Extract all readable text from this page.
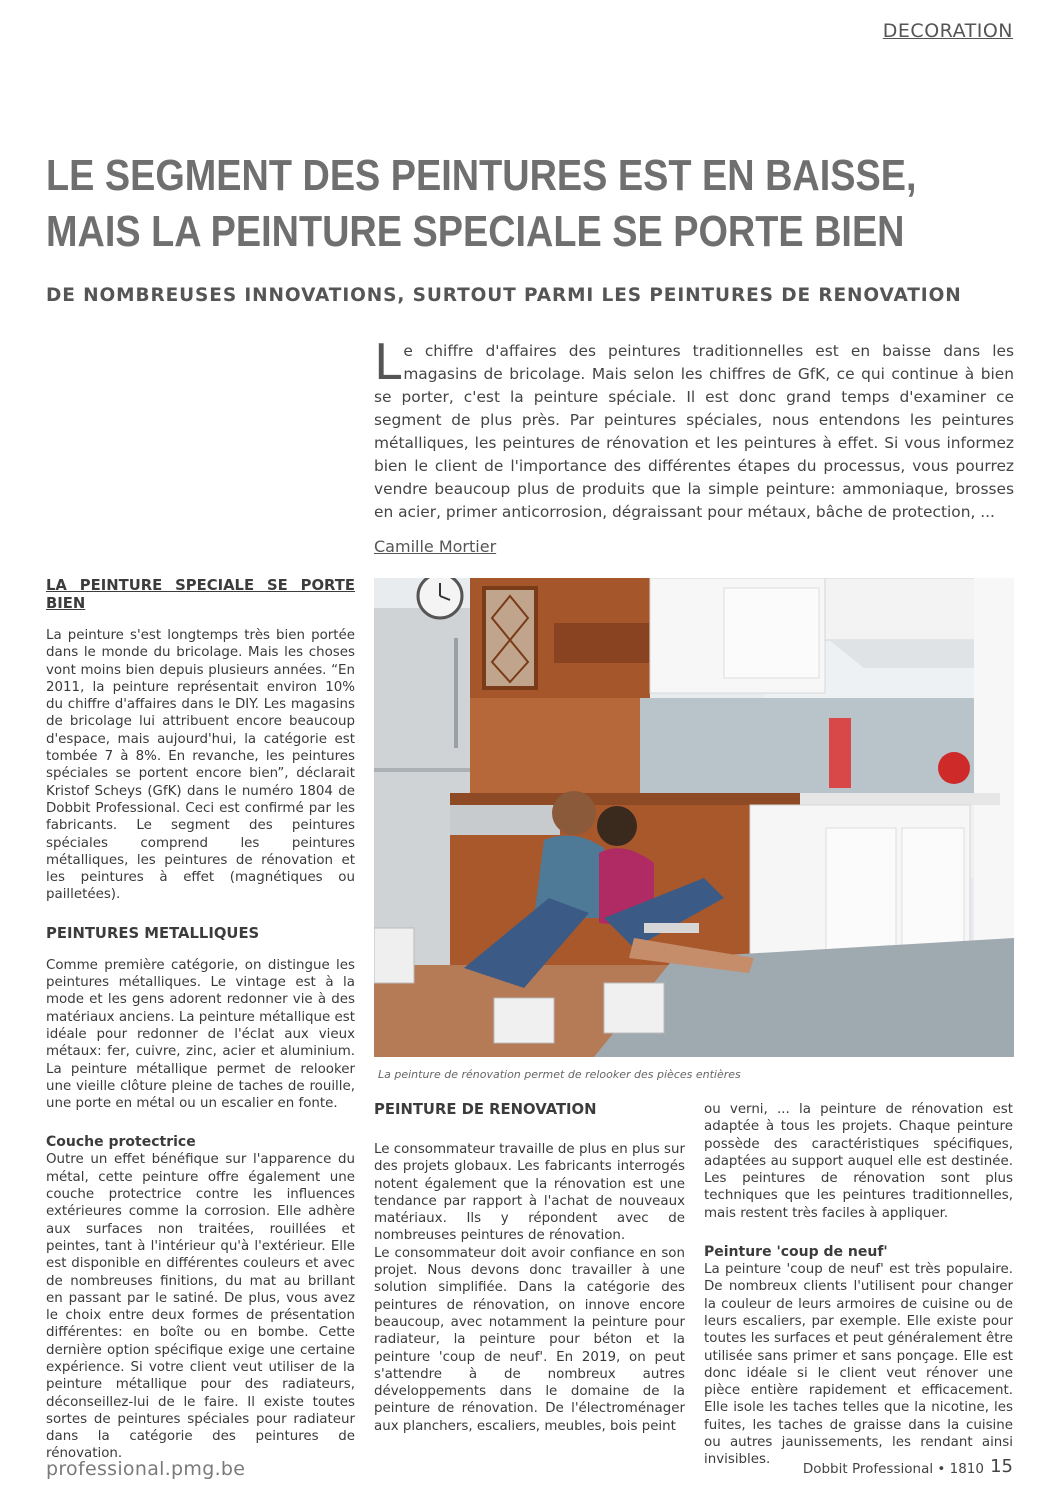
DECORATION
LE SEGMENT DES PEINTURES EST EN BAISSE,
MAIS LA PEINTURE SPECIALE SE PORTE BIEN
DE NOMBREUSES INNOVATIONS, SURTOUT PARMI LES PEINTURES DE RENOVATION
Le chiffre d'affaires des peintures traditionnelles est en baisse dans les magasins de bricolage. Mais selon les chiffres de GfK, ce qui continue à bien se porter, c'est la peinture spéciale. Il est donc grand temps d'examiner ce segment de plus près. Par peintures spéciales, nous entendons les peintures métalliques, les peintures de rénovation et les peintures à effet. Si vous informez bien le client de l'importance des différentes étapes du processus, vous pourrez vendre beaucoup plus de produits que la simple peinture: ammoniaque, brosses en acier, primer anticorrosion, dégraissant pour métaux, bâche de protection, ...
Camille Mortier
LA PEINTURE SPECIALE SE PORTE BIEN

La peinture s'est longtemps très bien portée dans le monde du bricolage. Mais les choses vont moins bien depuis plusieurs années. “En 2011, la peinture représentait environ 10% du chiffre d'affaires dans le DIY. Les magasins de bricolage lui attribuent encore beaucoup d'espace, mais aujourd'hui, la catégorie est tombée 7 à 8%. En revanche, les peintures spéciales se portent encore bien”, déclarait Kristof Scheys (GfK) dans le numéro 1804 de Dobbit Professional. Ceci est confirmé par les fabricants. Le segment des peintures spéciales comprend les peintures métalliques, les peintures de rénovation et les peintures à effet (magnétiques ou pailletées).

PEINTURES METALLIQUES

Comme première catégorie, on distingue les peintures métalliques. Le vintage est à la mode et les gens adorent redonner vie à des matériaux anciens. La peinture métallique est idéale pour redonner de l'éclat aux vieux métaux: fer, cuivre, zinc, acier et aluminium. La peinture métallique permet de relooker une vieille clôture pleine de taches de rouille, une porte en métal ou un escalier en fonte.

Couche protectrice

Outre un effet bénéfique sur l'apparence du métal, cette peinture offre également une couche protectrice contre les influences extérieures comme la corrosion. Elle adhère aux surfaces non traitées, rouillées et peintes, tant à l'intérieur qu'à l'extérieur. Elle est disponible en différentes couleurs et avec de nombreuses finitions, du mat au brillant en passant par le satiné. De plus, vous avez le choix entre deux formes de présentation différentes: en boîte ou en bombe. Cette dernière option spécifique exige une certaine expérience. Si votre client veut utiliser de la peinture métallique pour des radiateurs, déconseillez-lui de le faire. Il existe toutes sortes de peintures spéciales pour radiateur dans la catégorie des peintures de rénovation.

La peinture de rénovation permet de relooker des pièces entières
PEINTURE DE RENOVATION

Le consommateur travaille de plus en plus sur des projets globaux. Les fabricants interrogés notent également que la rénovation est une tendance par rapport à l'achat de nouveaux matériaux. Ils y répondent avec de nombreuses peintures de rénovation.

Le consommateur doit avoir confiance en son projet. Nous devons donc travailler à une solution simplifiée. Dans la catégorie des peintures de rénovation, on innove encore beaucoup, avec notamment la peinture pour radiateur, la peinture pour béton et la peinture 'coup de neuf'. En 2019, on peut s'attendre à de nombreux autres développements dans le domaine de la peinture de rénovation. De l'électroménager aux planchers, escaliers, meubles, bois peint

ou verni, ... la peinture de rénovation est adaptée à tous les projets. Chaque peinture possède des caractéristiques spécifiques, adaptées au support auquel elle est destinée. Les peintures de rénovation sont plus techniques que les peintures traditionnelles, mais restent très faciles à appliquer.

Peinture 'coup de neuf'

La peinture 'coup de neuf' est très populaire. De nombreux clients l'utilisent pour changer la couleur de leurs armoires de cuisine ou de leurs escaliers, par exemple. Elle existe pour toutes les surfaces et peut généralement être utilisée sans primer et sans ponçage. Elle est donc idéale si le client veut rénover une pièce entière rapidement et efficacement. Elle isole les taches telles que la nicotine, les fuites, les taches de graisse dans la cuisine ou autres jaunissements, les rendant ainsi invisibles.

professional.pmg.be	Dobbit Professional • 1810 15
